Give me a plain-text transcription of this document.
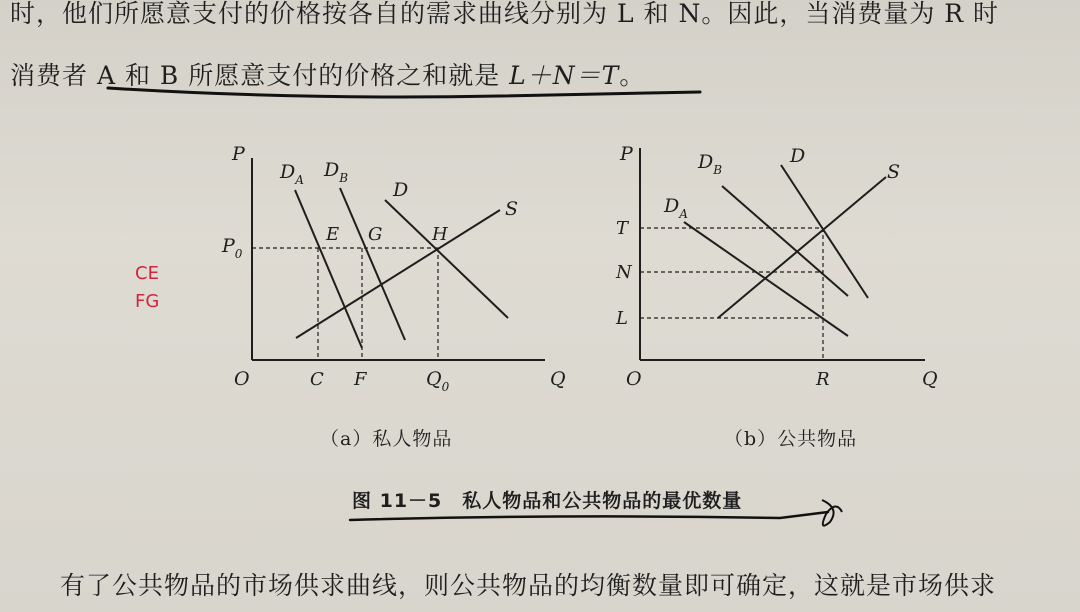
时，他们所愿意支付的价格按各自的需求曲线分别为 L 和 N。因此，当消费量为 R 时
消费者 A 和 B 所愿意支付的价格之和就是 L＋N＝T。
CE
FG
P
Q
O
$D_A$ $D_B$
D
S
E G	H
$P_0$
C F	$Q_0$
P
Q
O
$D_A$
$D_B$
D
S
T
N
L
R
（a）私人物品	（b）公共物品
图 11－5　私人物品和公共物品的最优数量
有了公共物品的市场供求曲线，则公共物品的均衡数量即可确定，这就是市场供求
